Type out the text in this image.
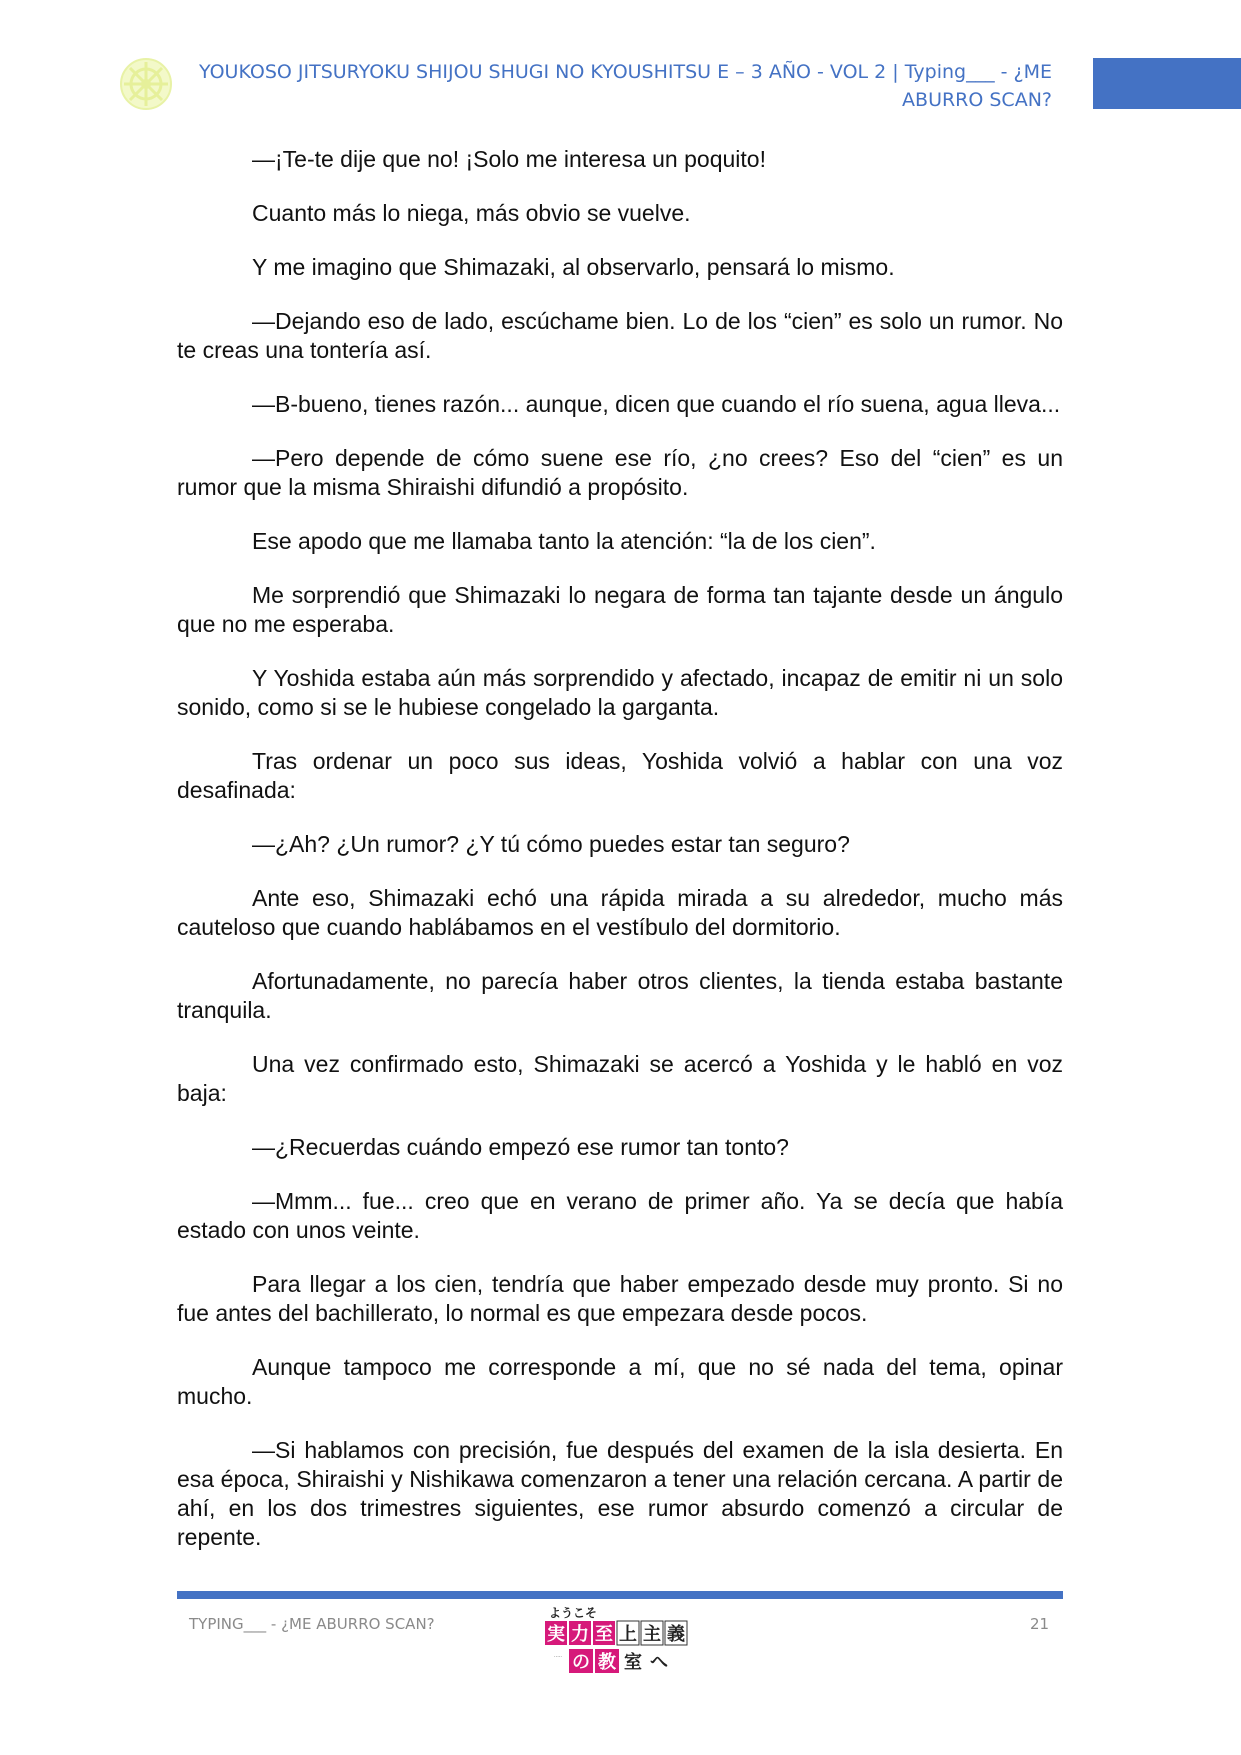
YOUKOSO JITSURYOKU SHIJOU SHUGI NO KYOUSHITSU E – 3 AÑO - VOL 2 | Typing___ - ¿ME
ABURRO SCAN?

—¡Te-te dije que no! ¡Solo me interesa un poquito!

Cuanto más lo niega, más obvio se vuelve.

Y me imagino que Shimazaki, al observarlo, pensará lo mismo.

—Dejando eso de lado, escúchame bien. Lo de los “cien” es solo un rumor. No te creas una tontería así.

—B-bueno, tienes razón... aunque, dicen que cuando el río suena, agua lleva...

—Pero depende de cómo suene ese río, ¿no crees? Eso del “cien” es un rumor que la misma Shiraishi difundió a propósito.

Ese apodo que me llamaba tanto la atención: “la de los cien”.

Me sorprendió que Shimazaki lo negara de forma tan tajante desde un ángulo que no me esperaba.

Y Yoshida estaba aún más sorprendido y afectado, incapaz de emitir ni un solo sonido, como si se le hubiese congelado la garganta.

Tras ordenar un poco sus ideas, Yoshida volvió a hablar con una voz desafinada:

—¿Ah? ¿Un rumor? ¿Y tú cómo puedes estar tan seguro?

Ante eso, Shimazaki echó una rápida mirada a su alrededor, mucho más cauteloso que cuando hablábamos en el vestíbulo del dormitorio.

Afortunadamente, no parecía haber otros clientes, la tienda estaba bastante tranquila.

Una vez confirmado esto, Shimazaki se acercó a Yoshida y le habló en voz baja:

—¿Recuerdas cuándo empezó ese rumor tan tonto?

—Mmm... fue... creo que en verano de primer año. Ya se decía que había estado con unos veinte.

Para llegar a los cien, tendría que haber empezado desde muy pronto. Si no fue antes del bachillerato, lo normal es que empezara desde pocos.

Aunque tampoco me corresponde a mí, que no sé nada del tema, opinar mucho.

—Si hablamos con precisión, fue después del examen de la isla desierta. En esa época, Shiraishi y Nishikawa comenzaron a tener una relación cercana. A partir de ahí, en los dos trimestres siguientes, ese rumor absurdo comenzó a circular de repente.

TYPING___ - ¿ME ABURRO SCAN?
ようこそ
実 力 至 上 主 義
····· の 教 室 へ
21
